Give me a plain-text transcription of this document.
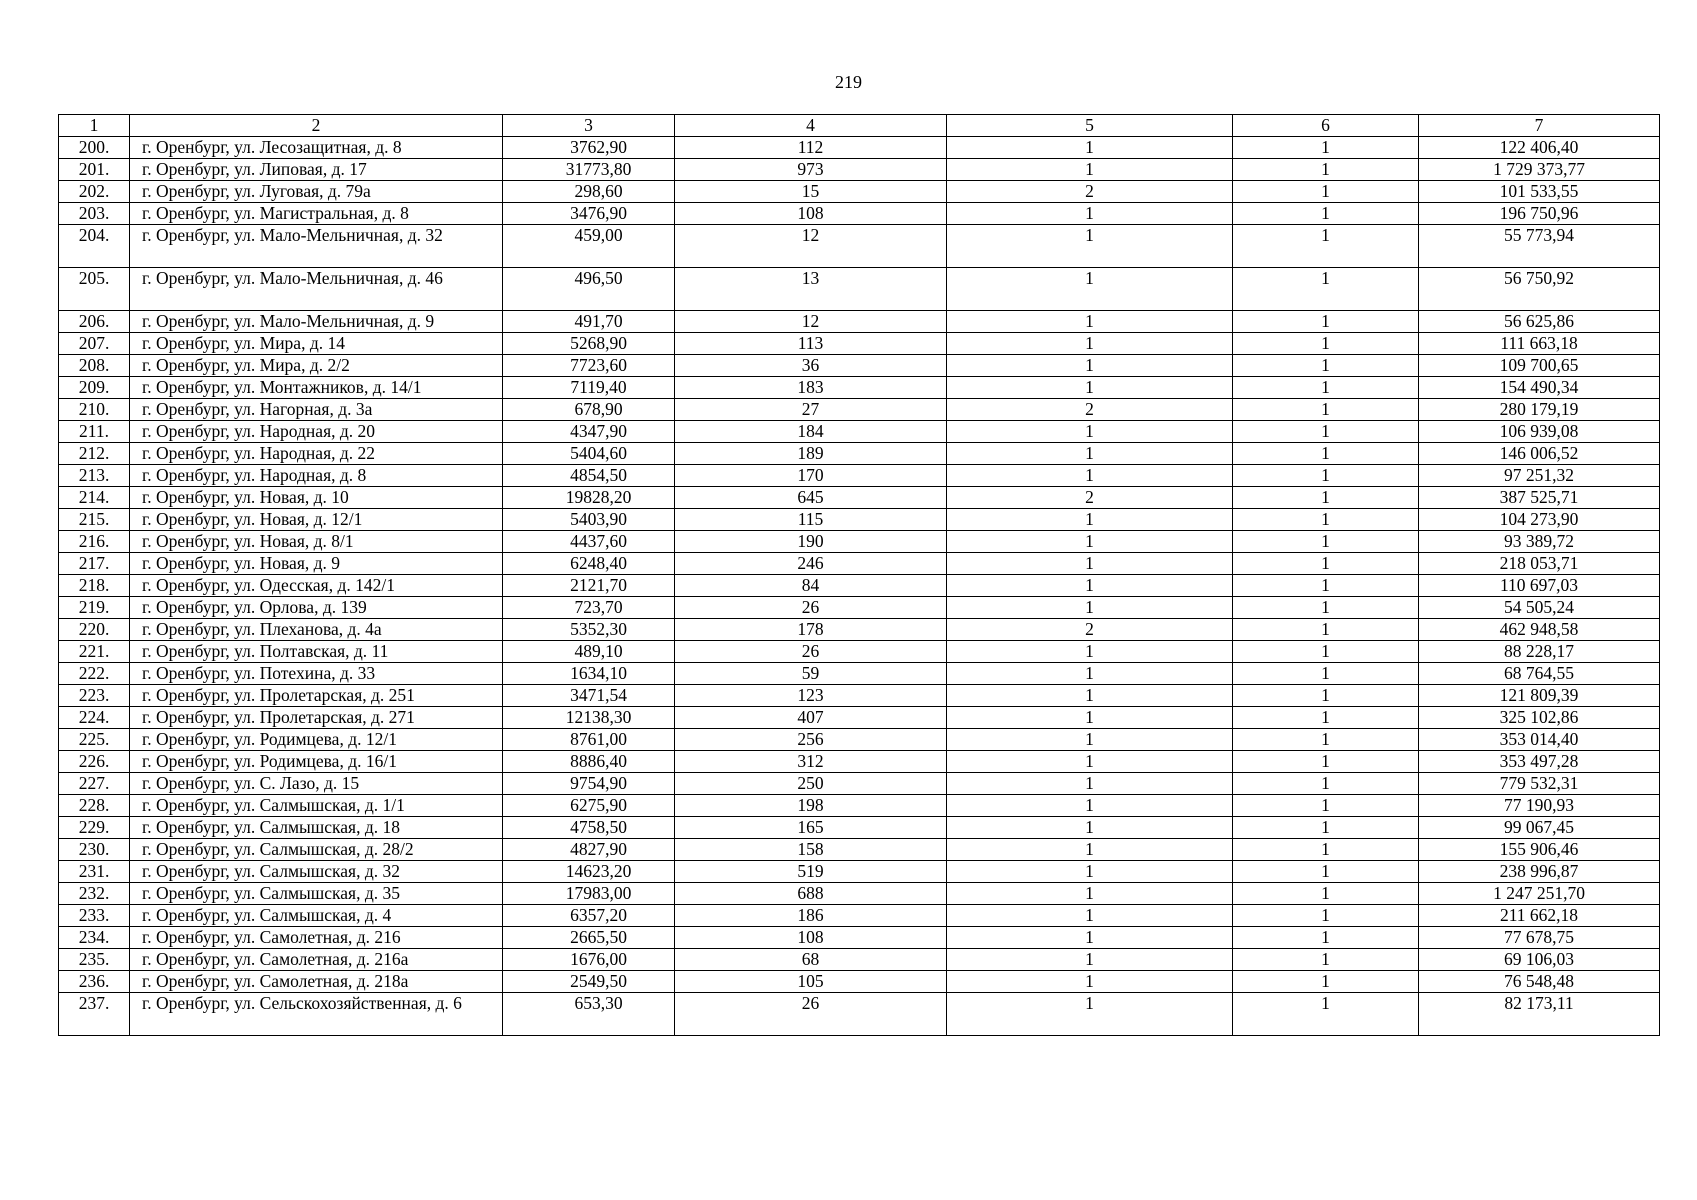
219
1	2	3	4	5	6	7
200.	г. Оренбург, ул. Лесозащитная, д. 8	3762,90	112	1	1	122 406,40
201.	г. Оренбург, ул. Липовая, д. 17	31773,80	973	1	1	1 729 373,77
202.	г. Оренбург, ул. Луговая, д. 79а	298,60	15	2	1	101 533,55
203.	г. Оренбург, ул. Магистральная, д. 8	3476,90	108	1	1	196 750,96
204.	г. Оренбург, ул. Мало-Мельничная, д. 32	459,00	12	1	1	55 773,94
205.	г. Оренбург, ул. Мало-Мельничная, д. 46	496,50	13	1	1	56 750,92
206.	г. Оренбург, ул. Мало-Мельничная, д. 9	491,70	12	1	1	56 625,86
207.	г. Оренбург, ул. Мира, д. 14	5268,90	113	1	1	111 663,18
208.	г. Оренбург, ул. Мира, д. 2/2	7723,60	36	1	1	109 700,65
209.	г. Оренбург, ул. Монтажников, д. 14/1	7119,40	183	1	1	154 490,34
210.	г. Оренбург, ул. Нагорная, д. 3а	678,90	27	2	1	280 179,19
211.	г. Оренбург, ул. Народная, д. 20	4347,90	184	1	1	106 939,08
212.	г. Оренбург, ул. Народная, д. 22	5404,60	189	1	1	146 006,52
213.	г. Оренбург, ул. Народная, д. 8	4854,50	170	1	1	97 251,32
214.	г. Оренбург, ул. Новая, д. 10	19828,20	645	2	1	387 525,71
215.	г. Оренбург, ул. Новая, д. 12/1	5403,90	115	1	1	104 273,90
216.	г. Оренбург, ул. Новая, д. 8/1	4437,60	190	1	1	93 389,72
217.	г. Оренбург, ул. Новая, д. 9	6248,40	246	1	1	218 053,71
218.	г. Оренбург, ул. Одесская, д. 142/1	2121,70	84	1	1	110 697,03
219.	г. Оренбург, ул. Орлова, д. 139	723,70	26	1	1	54 505,24
220.	г. Оренбург, ул. Плеханова, д. 4а	5352,30	178	2	1	462 948,58
221.	г. Оренбург, ул. Полтавская, д. 11	489,10	26	1	1	88 228,17
222.	г. Оренбург, ул. Потехина, д. 33	1634,10	59	1	1	68 764,55
223.	г. Оренбург, ул. Пролетарская, д. 251	3471,54	123	1	1	121 809,39
224.	г. Оренбург, ул. Пролетарская, д. 271	12138,30	407	1	1	325 102,86
225.	г. Оренбург, ул. Родимцева, д. 12/1	8761,00	256	1	1	353 014,40
226.	г. Оренбург, ул. Родимцева, д. 16/1	8886,40	312	1	1	353 497,28
227.	г. Оренбург, ул. С. Лазо, д. 15	9754,90	250	1	1	779 532,31
228.	г. Оренбург, ул. Салмышская, д. 1/1	6275,90	198	1	1	77 190,93
229.	г. Оренбург, ул. Салмышская, д. 18	4758,50	165	1	1	99 067,45
230.	г. Оренбург, ул. Салмышская, д. 28/2	4827,90	158	1	1	155 906,46
231.	г. Оренбург, ул. Салмышская, д. 32	14623,20	519	1	1	238 996,87
232.	г. Оренбург, ул. Салмышская, д. 35	17983,00	688	1	1	1 247 251,70
233.	г. Оренбург, ул. Салмышская, д. 4	6357,20	186	1	1	211 662,18
234.	г. Оренбург, ул. Самолетная, д. 216	2665,50	108	1	1	77 678,75
235.	г. Оренбург, ул. Самолетная, д. 216а	1676,00	68	1	1	69 106,03
236.	г. Оренбург, ул. Самолетная, д. 218а	2549,50	105	1	1	76 548,48
237.	г. Оренбург, ул. Сельскохозяйственная, д. 6	653,30	26	1	1	82 173,11
